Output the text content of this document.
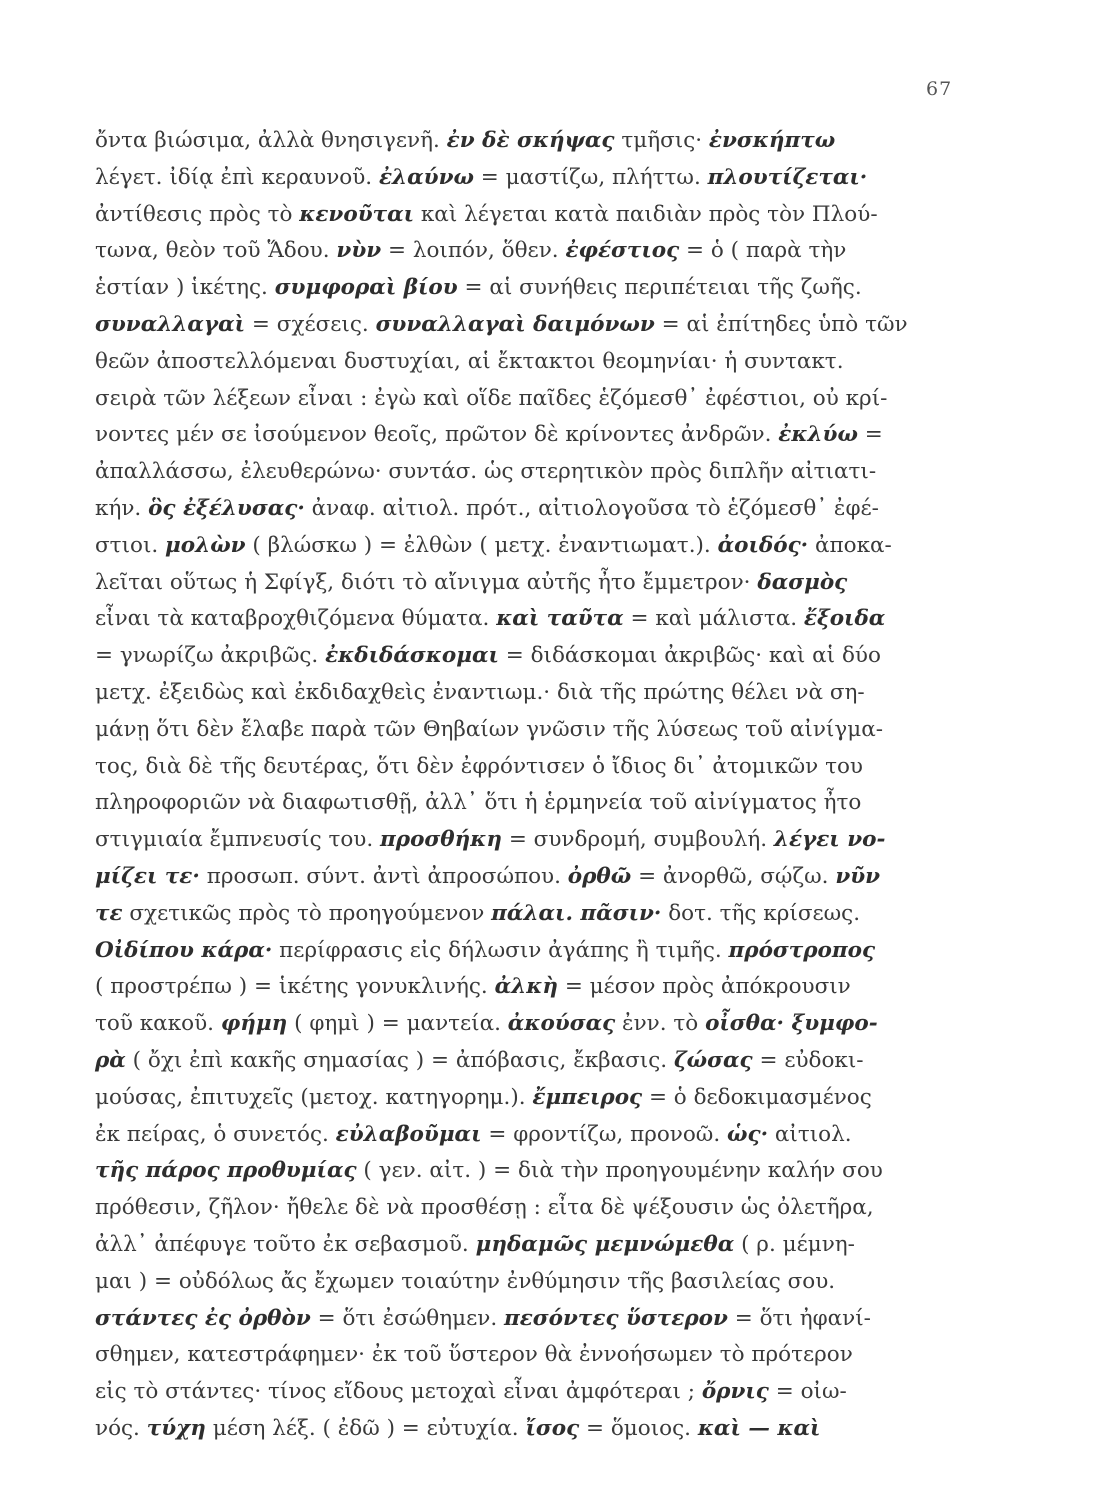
67
ὄντα βιώσιμα, ἀλλὰ θνησιγενῆ. ἐν δὲ σκήψας τμῆσις· ἐνσκήπτω
λέγετ. ἰδίᾳ ἐπὶ κεραυνοῦ. ἐλαύνω = μαστίζω, πλήττω. πλουτίζεται·
ἀντίθεσις πρὸς τὸ κενοῦται καὶ λέγεται κατὰ παιδιὰν πρὸς τὸν Πλού-
τωνα, θεὸν τοῦ Ἅδου. νὺν = λοιπόν, ὅθεν. ἐφέστιος = ὁ ( παρὰ τὴν
ἑστίαν ) ἱκέτης. συμφοραὶ βίου = αἱ συνήθεις περιπέτειαι τῆς ζωῆς.
συναλλαγαὶ = σχέσεις. συναλλαγαὶ δαιμόνων = αἱ ἐπίτηδες ὑπὸ τῶν
θεῶν ἀποστελλόμεναι δυστυχίαι, αἱ ἔκτακτοι θεομηνίαι· ἡ συντακτ.
σειρὰ τῶν λέξεων εἶναι : ἐγὼ καὶ οἵδε παῖδες ἑζόμεσθ᾽ ἐφέστιοι, οὐ κρί-
νοντες μέν σε ἰσούμενον θεοῖς, πρῶτον δὲ κρίνοντες ἀνδρῶν. ἐκλύω =
ἀπαλλάσσω, ἐλευθερώνω· συντάσ. ὡς στερητικὸν πρὸς διπλῆν αἰτιατι-
κήν. ὃς ἐξέλυσας· ἀναφ. αἰτιολ. πρότ., αἰτιολογοῦσα τὸ ἑζόμεσθ᾽ ἐφέ-
στιοι. μολὼν ( βλώσκω ) = ἐλθὼν ( μετχ. ἐναντιωματ.). ἀοιδός· ἀποκα-
λεῖται οὕτως ἡ Σφίγξ, διότι τὸ αἴνιγμα αὐτῆς ἦτο ἔμμετρον· δασμὸς
εἶναι τὰ καταβροχθιζόμενα θύματα. καὶ ταῦτα = καὶ μάλιστα. ἔξοιδα
= γνωρίζω ἀκριβῶς. ἐκδιδάσκομαι = διδάσκομαι ἀκριβῶς· καὶ αἱ δύο
μετχ. ἐξειδὼς καὶ ἐκδιδαχθεὶς ἐναντιωμ.· διὰ τῆς πρώτης θέλει νὰ ση-
μάνῃ ὅτι δὲν ἔλαβε παρὰ τῶν Θηβαίων γνῶσιν τῆς λύσεως τοῦ αἰνίγμα-
τος, διὰ δὲ τῆς δευτέρας, ὅτι δὲν ἐφρόντισεν ὁ ἴδιος δι᾽ ἀτομικῶν του
πληροφοριῶν νὰ διαφωτισθῇ, ἀλλ᾽ ὅτι ἡ ἑρμηνεία τοῦ αἰνίγματος ἦτο
στιγμιαία ἔμπνευσίς του. προσθήκη = συνδρομή, συμβουλή. λέγει νο-
μίζει τε· προσωπ. σύντ. ἀντὶ ἀπροσώπου. ὀρθῶ = ἀνορθῶ, σῴζω. νῦν
τε σχετικῶς πρὸς τὸ προηγούμενον πάλαι. πᾶσιν· δοτ. τῆς κρίσεως.
Οἰδίπου κάρα· περίφρασις εἰς δήλωσιν ἀγάπης ἢ τιμῆς. πρόστροπος
( προστρέπω ) = ἱκέτης γονυκλινής. ἀλκὴ = μέσον πρὸς ἀπόκρουσιν
τοῦ κακοῦ. φήμη ( φημὶ ) = μαντεία. ἀκούσας ἐνν. τὸ οἶσθα· ξυμφο-
ρὰ ( ὄχι ἐπὶ κακῆς σημασίας ) = ἀπόβασις, ἔκβασις. ζώσας = εὐδοκι-
μούσας, ἐπιτυχεῖς (μετοχ. κατηγορημ.). ἔμπειρος = ὁ δεδοκιμασμένος
ἐκ πείρας, ὁ συνετός. εὐλαβοῦμαι = φροντίζω, προνοῶ. ὡς· αἰτιολ.
τῆς πάρος προθυμίας ( γεν. αἰτ. ) = διὰ τὴν προηγουμένην καλήν σου
πρόθεσιν, ζῆλον· ἤθελε δὲ νὰ προσθέσῃ : εἶτα δὲ ψέξουσιν ὡς ὀλετῆρα,
ἀλλ᾽ ἀπέφυγε τοῦτο ἐκ σεβασμοῦ. μηδαμῶς μεμνώμεθα ( ρ. μέμνη-
μαι ) = οὐδόλως ἄς ἔχωμεν τοιαύτην ἐνθύμησιν τῆς βασιλείας σου.
στάντες ἐς ὀρθὸν = ὅτι ἐσώθημεν. πεσόντες ὕστερον = ὅτι ἠφανί-
σθημεν, κατεστράφημεν· ἐκ τοῦ ὕστερον θὰ ἐννοήσωμεν τὸ πρότερον
εἰς τὸ στάντες· τίνος εἴδους μετοχαὶ εἶναι ἀμφότεραι ; ὄρνις = οἰω-
νός. τύχη μέση λέξ. ( ἐδῶ ) = εὐτυχία. ἴσος = ὅμοιος. καὶ — καὶ
